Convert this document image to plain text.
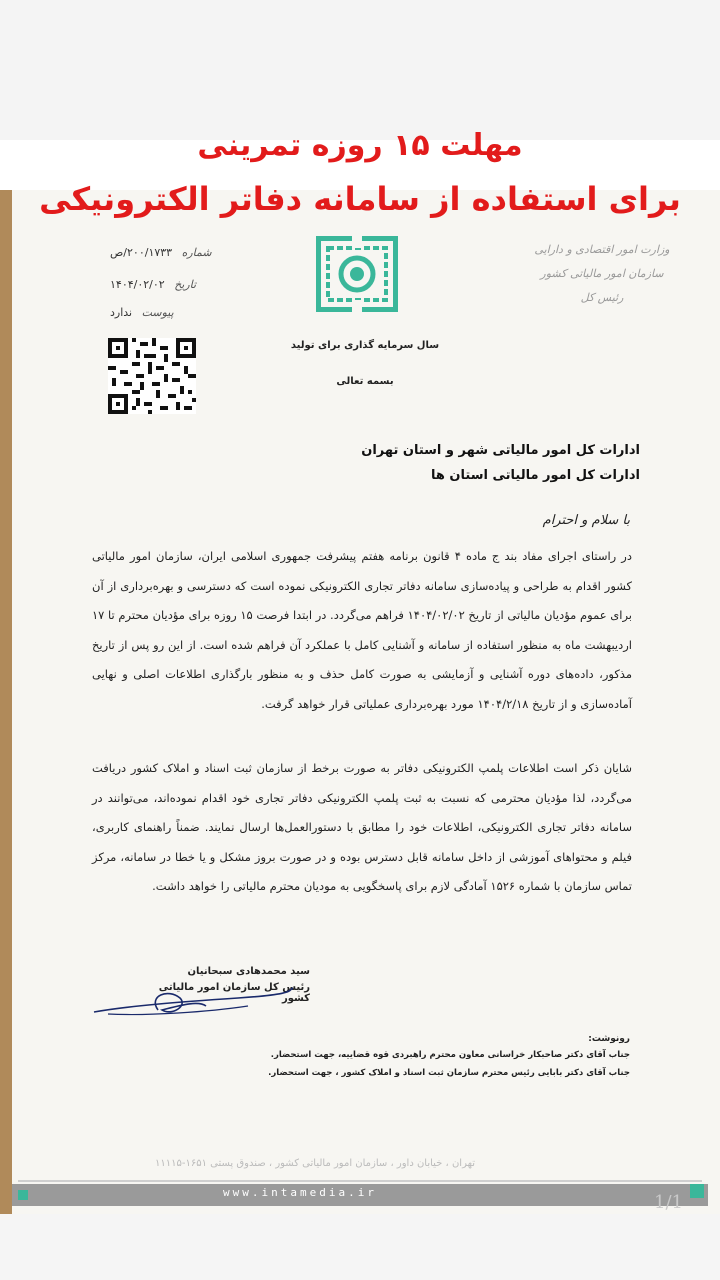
مهلت ۱۵ روزه تمرینی
برای استفاده از سامانه دفاتر الکترونیکی
شماره ۲۰۰/۱۷۳۳/ص
تاریخ ۱۴۰۴/۰۲/۰۲
پیوست ندارد
وزارت امور اقتصادی و دارایی
سازمان امور مالیاتی کشور
رئیس کل
سال سرمایه گذاری برای تولید
بسمه تعالی
ادارات کل امور مالیاتی شهر و استان تهران
ادارات کل امور مالیاتی استان ها
با سلام و احترام
در راستای اجرای مفاد بند ج ماده ۴ قانون برنامه هفتم پیشرفت جمهوری اسلامی ایران، سازمان امور مالیاتی کشور اقدام به طراحی و پیاده‌سازی سامانه دفاتر تجاری الکترونیکی نموده است که دسترسی و بهره‌برداری از آن برای عموم مؤدیان مالیاتی از تاریخ ۱۴۰۴/۰۲/۰۲ فراهم می‌گردد. در ابتدا فرصت ۱۵ روزه برای مؤدیان محترم تا ۱۷ اردیبهشت ماه به منظور استفاده از سامانه و آشنایی کامل با عملکرد آن فراهم شده است. از این رو پس از تاریخ مذکور، داده‌های دوره آشنایی و آزمایشی به صورت کامل حذف و به منظور بارگذاری اطلاعات اصلی و نهایی آماده‌سازی و از تاریخ ۱۴۰۴/۲/۱۸ مورد بهره‌برداری عملیاتی قرار خواهد گرفت.
شایان ذکر است اطلاعات پلمپ الکترونیکی دفاتر به صورت برخط از سازمان ثبت اسناد و املاک کشور دریافت می‌گردد، لذا مؤدیان محترمی که نسبت به ثبت پلمپ الکترونیکی دفاتر تجاری خود اقدام نموده‌اند، می‌توانند در سامانه دفاتر تجاری الکترونیکی، اطلاعات خود را مطابق با دستورالعمل‌ها ارسال نمایند. ضمناً راهنمای کاربری، فیلم و محتواهای آموزشی از داخل سامانه قابل دسترس بوده و در صورت بروز مشکل و یا خطا در سامانه، مرکز تماس سازمان با شماره ۱۵۲۶ آمادگی لازم برای پاسخگویی به مودیان محترم مالیاتی را خواهد داشت.
سید محمدهادی سبحانیان
رئیس کل سازمان امور مالیاتی کشور
رونوشت:
جناب آقای دکتر صاحبکار خراسانی معاون محترم راهبردی قوه قضاییه، جهت استحضار.
جناب آقای دکتر بابایی رئیس محترم سازمان ثبت اسناد و املاک کشور ، جهت استحضار.
تهران ، خیابان داور ، سازمان امور مالیاتی کشور ، صندوق پستی ۱۶۵۱-۱۱۱۱۵
www.intamedia.ir	1/1
